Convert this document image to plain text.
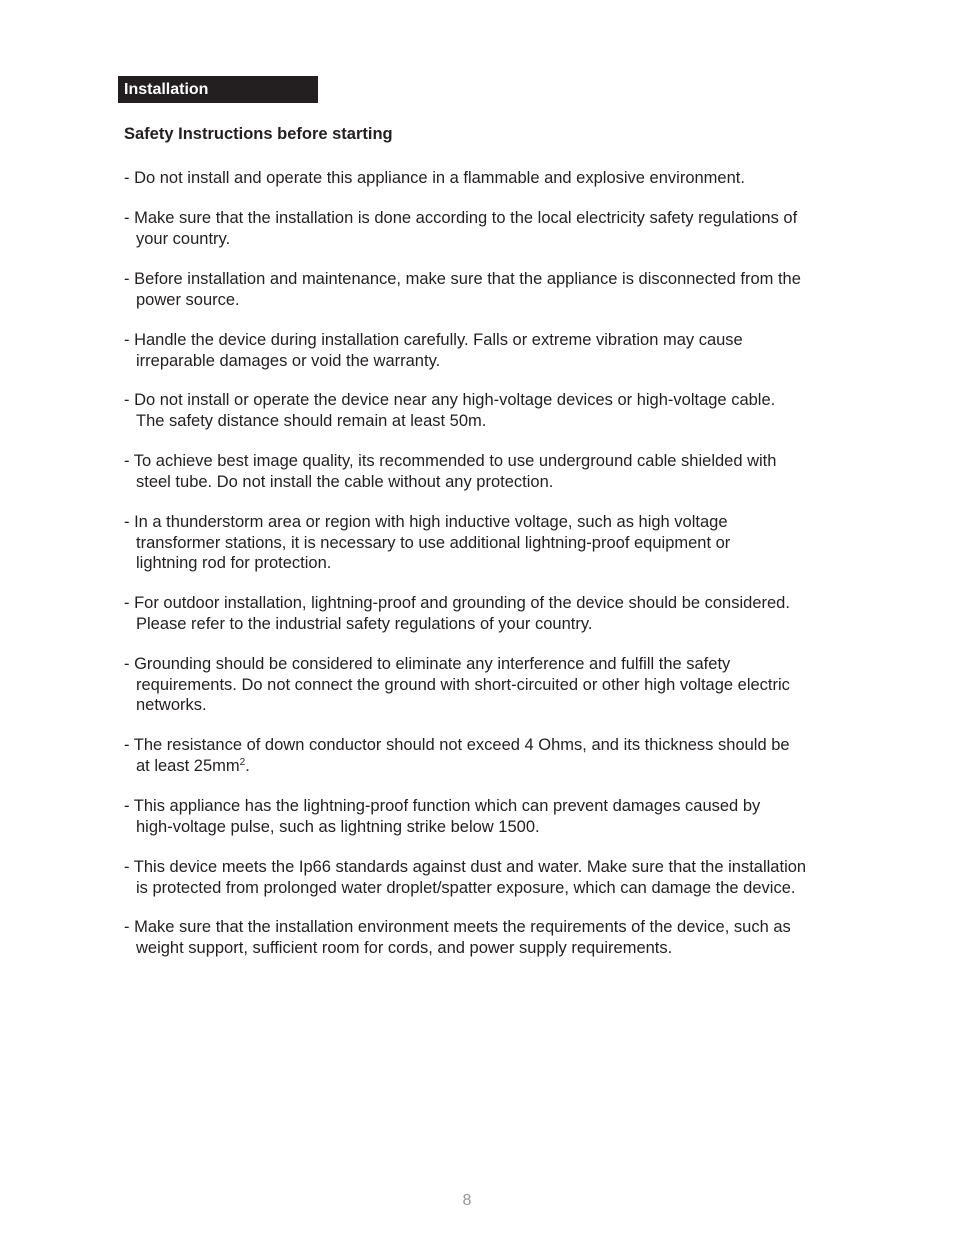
Installation
Safety Instructions before starting
- Do not install and operate this appliance in a flammable and explosive environment.
- Make sure that the installation is done according to the local electricity safety regulations of
your country.
- Before installation and maintenance, make sure that the appliance is disconnected from the
power source.
- Handle the device during installation carefully. Falls or extreme vibration may cause
irreparable damages or void the warranty.
- Do not install or operate the device near any high-voltage devices or high-voltage cable.
The safety distance should remain at least 50m.
- To achieve best image quality, its recommended to use underground cable shielded with
steel tube. Do not install the cable without any protection.
- In a thunderstorm area or region with high inductive voltage, such as high voltage
transformer stations, it is necessary to use additional lightning-proof equipment or
lightning rod for protection.
- For outdoor installation, lightning-proof and grounding of the device should be considered.
Please refer to the industrial safety regulations of your country.
- Grounding should be considered to eliminate any interference and fulfill the safety
requirements. Do not connect the ground with short-circuited or other high voltage electric
networks.
- The resistance of down conductor should not exceed 4 Ohms, and its thickness should be
at least $25mm^2$.
- This appliance has the lightning-proof function which can prevent damages caused by
high-voltage pulse, such as lightning strike below 1500.
- This device meets the Ip66 standards against dust and water. Make sure that the installation
is protected from prolonged water droplet/spatter exposure, which can damage the device.
- Make sure that the installation environment meets the requirements of the device, such as
weight support, sufficient room for cords, and power supply requirements.
8
